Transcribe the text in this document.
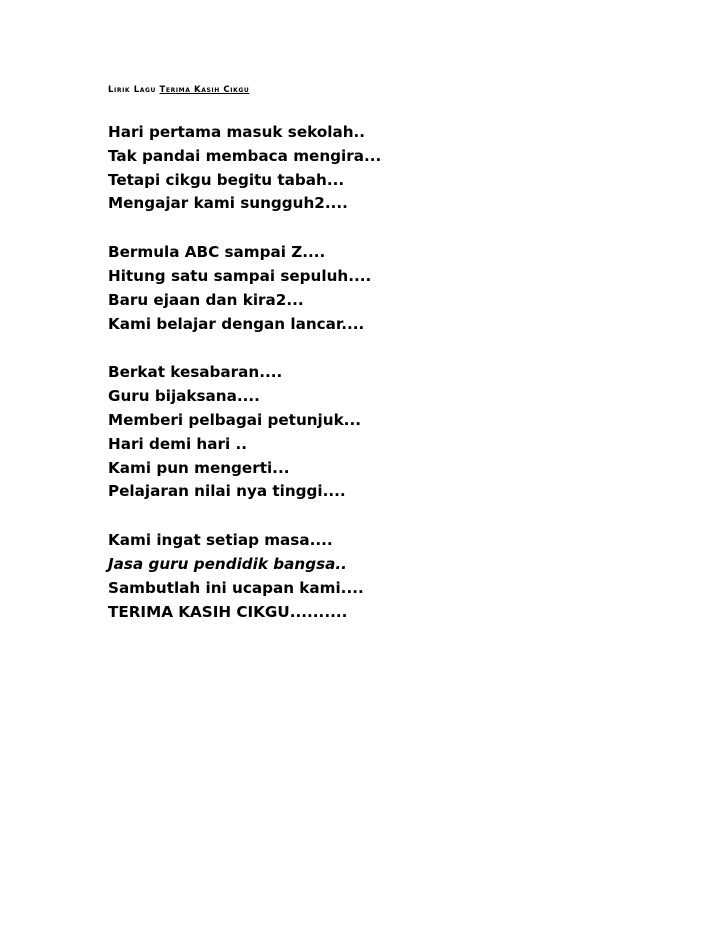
Lirik Lagu Terima Kasih Cikgu
Hari pertama masuk sekolah..
Tak pandai membaca mengira...
Tetapi cikgu begitu tabah...
Mengajar kami sungguh2....
Bermula ABC sampai Z....
Hitung satu sampai sepuluh....
Baru ejaan dan kira2...
Kami belajar dengan lancar....
Berkat kesabaran....
Guru bijaksana....
Memberi pelbagai petunjuk...
Hari demi hari ..
Kami pun mengerti...
Pelajaran nilai nya tinggi....
Kami ingat setiap masa....
Jasa guru pendidik bangsa..
Sambutlah ini ucapan kami....
TERIMA KASIH CIKGU..........
